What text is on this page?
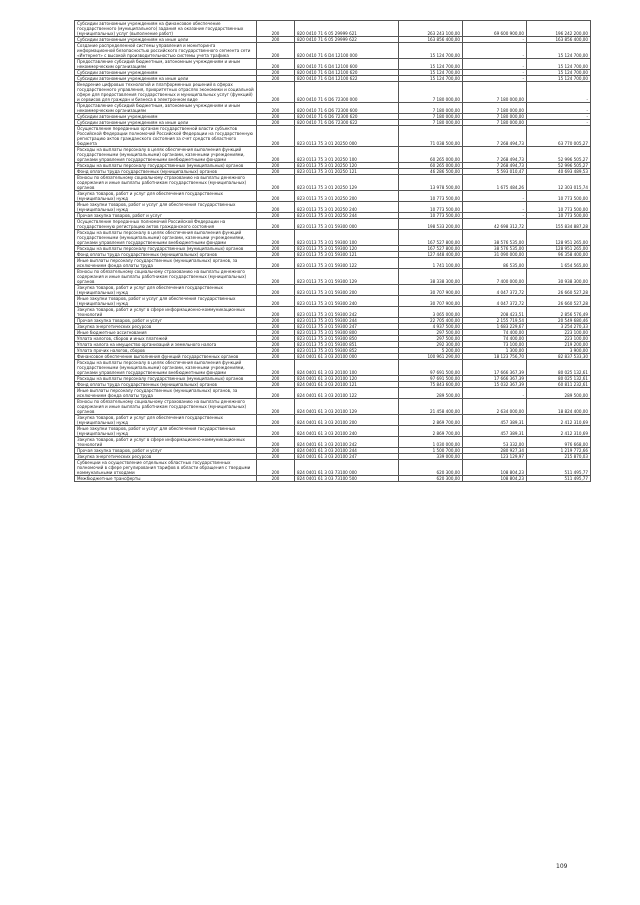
Субсидии автономным учреждениям на финансовое обеспечение государственного (муниципального) задания на оказание государственных (муниципальных) услуг (выполнение работ)	200	820 0410 71 6 05 29999 621	263 243 100,00	69 600 900,00	196 242 200,00
Субсидии автономным учреждениям на иные цели	200	820 0410 71 6 05 29999 622	163 856 400,00	-	163 856 400,00
Создание распределенной системы управления и мониторинга информационной безопасностью российского государственного сегмента сети «Интернет» с высокой производительностью системы учета трафика	200	820 0410 71 6 D4 12100 000	15 124 700,00	-	15 124 700,00
Предоставление субсидий бюджетным, автономным учреждениям и иным некоммерческим организациям	200	820 0410 71 6 D4 12100 600	15 124 700,00	-	15 124 700,00
Субсидии автономным учреждениям	200	820 0410 71 6 D4 12100 620	15 124 700,00	-	15 124 700,00
Субсидии автономным учреждениям на иные цели	200	820 0410 71 6 D4 12100 622	15 124 700,00	-	15 124 700,00
Внедрение цифровых технологий и платформенных решений в сферах государственного управления, приоритетных отраслях экономики и социальной сфере для предоставления государственных и муниципальных услуг (функций) и сервисов для граждан и бизнеса в электронном виде	200	820 0410 71 6 D6 72300 000	7 180 000,00	7 180 000,00	-
Предоставление субсидий бюджетным, автономным учреждениям и иным некоммерческим организациям	200	820 0410 71 6 D6 72300 600	7 180 000,00	7 180 000,00	-
Субсидии автономным учреждениям	200	820 0410 71 6 D6 72300 620	7 180 000,00	7 180 000,00	-
Субсидии автономным учреждениям на иные цели	200	820 0410 71 6 D6 72300 622	7 180 000,00	7 180 000,00	-
Осуществление переданных органам государственной власти субъектов Российской Федерации полномочий Российской Федерации на государственную регистрацию актов гражданского состояния за счет средств областного бюджета	200	823 0113 75 3 01 20250 000	71 038 500,00	7 268 494,73	63 770 005,27
Расходы на выплаты персоналу в целях обеспечения выполнения функций государственными (муниципальными) органами, казенными учреждениями, органами управления государственными внебюджетными фондами	200	823 0113 75 3 01 20250 100	60 265 000,00	7 268 494,73	52 996 505,27
Расходы на выплаты персоналу государственных (муниципальных) органов	200	823 0113 75 3 01 20250 120	60 265 000,00	7 268 494,73	52 996 505,27
Фонд оплаты труда государственных (муниципальных) органов	200	823 0113 75 3 01 20250 121	46 286 500,00	5 593 010,47	40 693 489,53
Взносы по обязательному социальному страхованию на выплаты денежного содержания и иные выплаты работникам государственных (муниципальных) органов	200	823 0113 75 3 01 20250 129	13 978 500,00	1 675 484,26	12 303 015,74
Закупка товаров, работ и услуг для обеспечения государственных (муниципальных) нужд	200	823 0113 75 3 01 20250 200	10 773 500,00	-	10 773 500,00
Иные закупки товаров, работ и услуг для обеспечения государственных (муниципальных) нужд	200	823 0113 75 3 01 20250 240	10 773 500,00	-	10 773 500,00
Прочая закупка товаров, работ и услуг	200	823 0113 75 3 01 20250 244	10 773 500,00	-	10 773 500,00
Осуществление переданных полномочий Российской Федерации на государственную регистрацию актов гражданского состояния	200	823 0113 75 3 01 59300 000	198 533 200,00	42 698 312,72	155 834 887,28
Расходы на выплаты персоналу в целях обеспечения выполнения функций государственными (муниципальными) органами, казенными учреждениями, органами управления государственными внебюджетными фондами	200	823 0113 75 3 01 59300 100	167 527 800,00	38 576 535,00	128 951 265,00
Расходы на выплаты персоналу государственных (муниципальных) органов	200	823 0113 75 3 01 59300 120	167 527 800,00	38 576 535,00	128 951 265,00
Фонд оплаты труда государственных (муниципальных) органов	200	823 0113 75 3 01 59300 121	127 448 400,00	31 090 000,00	96 358 400,00
Иные выплаты персоналу государственных (муниципальных) органов, за исключением фонда оплаты труда	200	823 0113 75 3 01 59300 122	1 741 100,00	86 535,00	1 654 565,00
Взносы по обязательному социальному страхованию на выплаты денежного содержания и иные выплаты работникам государственных (муниципальных) органов	200	823 0113 75 3 01 59300 129	38 338 300,00	7 400 000,00	30 938 300,00
Закупка товаров, работ и услуг для обеспечения государственных (муниципальных) нужд	200	823 0113 75 3 01 59300 200	30 707 900,00	4 047 372,72	26 660 527,28
Иные закупки товаров, работ и услуг для обеспечения государственных (муниципальных) нужд	200	823 0113 75 3 01 59300 240	30 707 900,00	4 047 372,72	26 660 527,28
Закупка товаров, работ и услуг в сфере информационно-коммуникационных технологий	200	823 0113 75 3 01 59300 242	3 065 000,00	208 423,51	2 856 576,49
Прочая закупка товаров, работ и услуг	200	823 0113 75 3 01 59300 244	22 705 400,00	2 155 719,54	20 549 680,46
Закупка энергетических ресурсов	200	823 0113 75 3 01 59300 247	4 937 500,00	1 683 229,67	3 254 270,33
Иные бюджетные ассигнования	200	823 0113 75 3 01 59300 800	297 500,00	74 400,00	223 100,00
Уплата налогов, сборов и иных платежей	200	823 0113 75 3 01 59300 850	297 500,00	74 400,00	223 100,00
Уплата налога на имущество организаций и земельного налога	200	823 0113 75 3 01 59300 851	292 300,00	73 100,00	219 200,00
Уплата прочих налогов, сборов	200	823 0113 75 3 01 59300 852	5 200,00	1 300,00	3 900,00
Финансовое обеспечение выполнения функций государственных органов	200	824 0401 61 3 03 20100 000	100 961 290,00	18 123 756,70	82 837 533,30
Расходы на выплаты персоналу в целях обеспечения выполнения функций государственными (муниципальными) органами, казенными учреждениями, органами управления государственными внебюджетными фондами	200	824 0401 61 3 03 20100 100	97 691 500,00	17 666 367,39	80 025 132,61
Расходы на выплаты персоналу государственных (муниципальных) органов	200	824 0401 61 3 03 20100 120	97 691 500,00	17 666 367,39	80 025 132,61
Фонд оплаты труда государственных (муниципальных) органов	200	824 0401 61 3 03 20100 121	75 843 600,00	15 032 367,39	60 811 232,61
Иные выплаты персоналу государственных (муниципальных) органов, за исключением фонда оплаты труда	200	824 0401 61 3 03 20100 122	289 500,00	-	289 500,00
Взносы по обязательному социальному страхованию на выплаты денежного содержания и иные выплаты работникам государственных (муниципальных) органов	200	824 0401 61 3 03 20100 129	21 458 400,00	2 634 000,00	18 824 400,00
Закупка товаров, работ и услуг для обеспечения государственных (муниципальных) нужд	200	824 0401 61 3 03 20100 200	2 869 700,00	457 389,31	2 412 310,69
Иные закупки товаров, работ и услуг для обеспечения государственных (муниципальных) нужд	200	824 0401 61 3 03 20100 240	2 869 700,00	457 389,31	2 412 310,69
Закупка товаров, работ и услуг в сфере информационно-коммуникационных технологий	200	824 0401 61 3 03 20100 242	1 030 000,00	53 332,00	976 668,00
Прочая закупка товаров, работ и услуг	200	824 0401 61 3 03 20100 244	1 500 700,00	280 927,34	1 219 772,66
Закупка энергетических ресурсов	200	824 0401 61 3 03 20100 247	339 000,00	123 129,97	215 870,03
Субвенции на осуществление отдельных областных государственных полномочий в сфере регулирования тарифов в области обращения с твердыми коммунальными отходами	200	824 0401 61 3 03 73100 000	620 300,00	108 804,23	511 495,77
Межбюджетные трансферты	200	824 0401 61 3 03 73100 500	620 300,00	108 804,23	511 495,77
109
